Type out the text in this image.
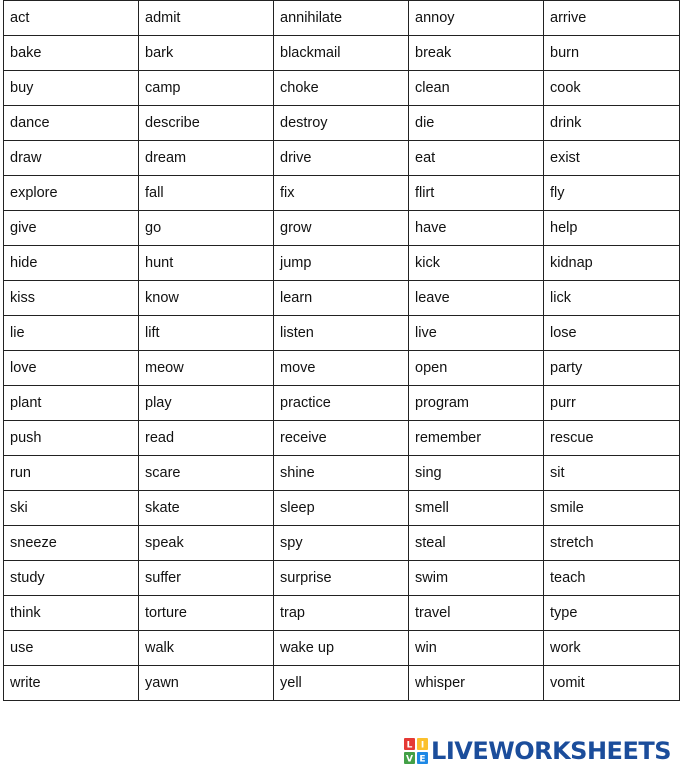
act	admit	annihilate	annoy	arrive
bake	bark	blackmail	break	burn
buy	camp	choke	clean	cook
dance	describe	destroy	die	drink
draw	dream	drive	eat	exist
explore	fall	fix	flirt	fly
give	go	grow	have	help
hide	hunt	jump	kick	kidnap
kiss	know	learn	leave	lick
lie	lift	listen	live	lose
love	meow	move	open	party
plant	play	practice	program	purr
push	read	receive	remember	rescue
run	scare	shine	sing	sit
ski	skate	sleep	smell	smile
sneeze	speak	spy	steal	stretch
study	suffer	surprise	swim	teach
think	torture	trap	travel	type
use	walk	wake up	win	work
write	yawn	yell	whisper	vomit
L I
V E LIVEWORKSHEETS
